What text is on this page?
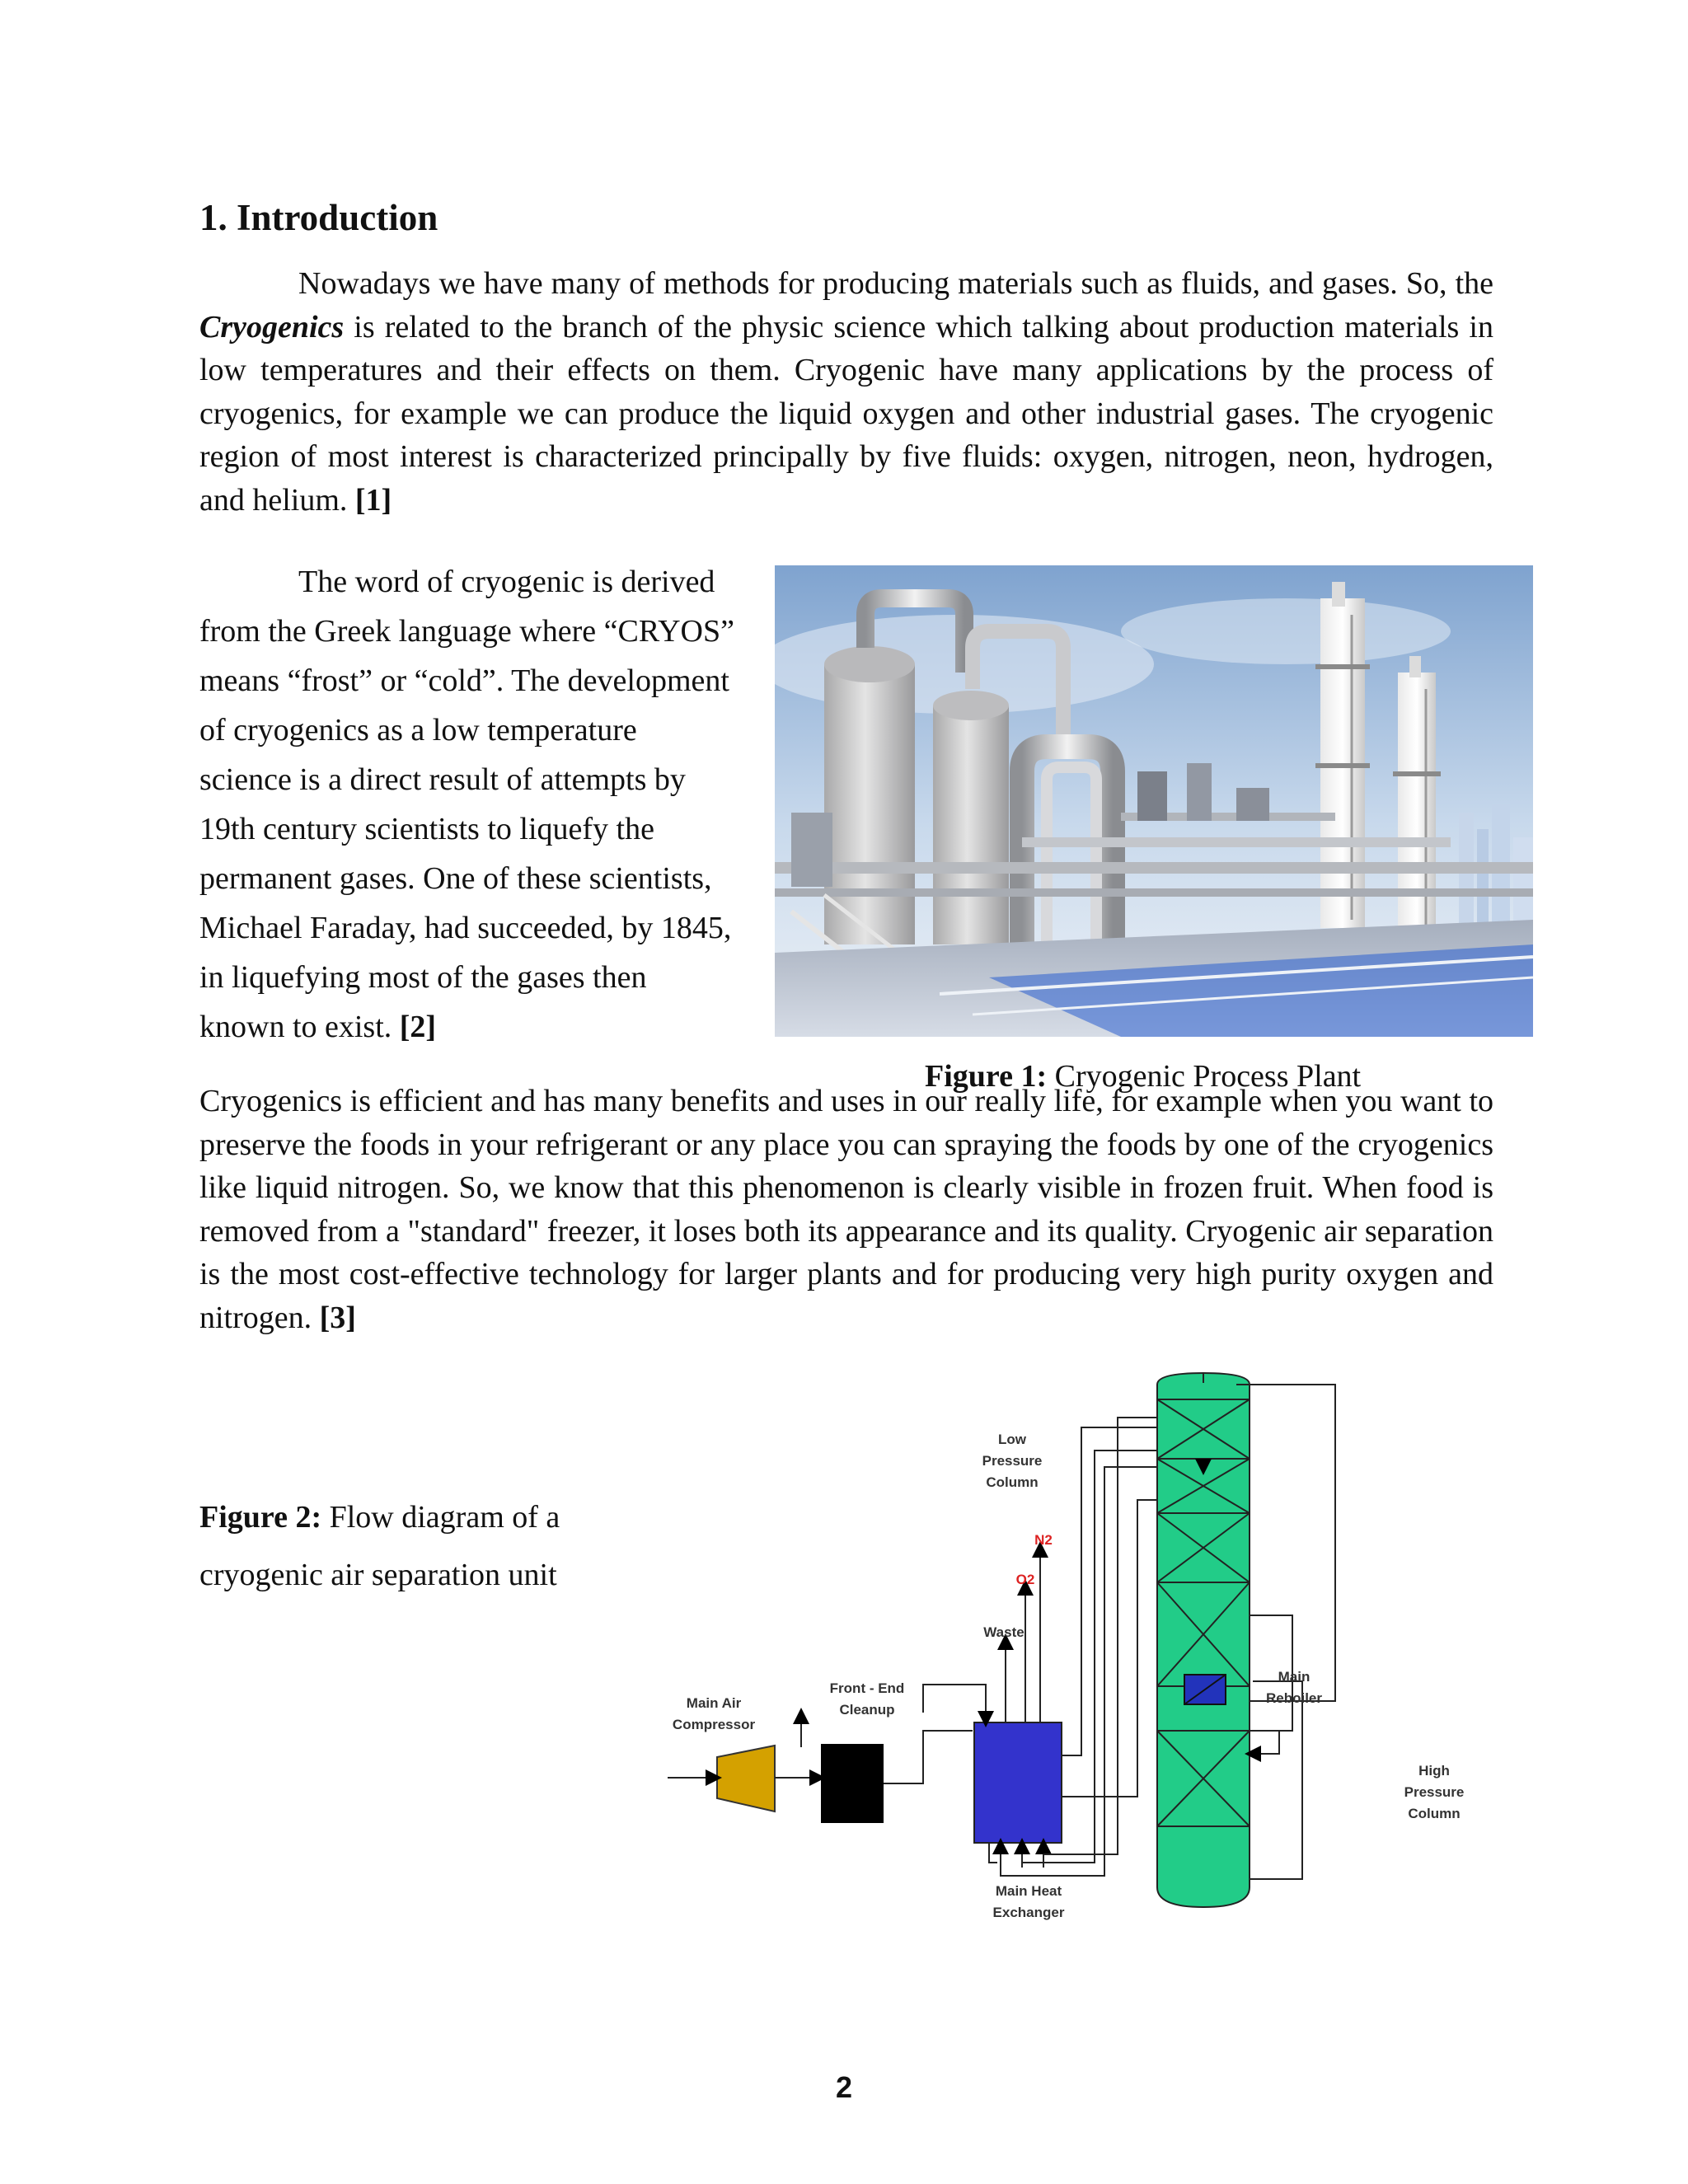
1. Introduction

Nowadays we have many of methods for producing materials such as fluids, and gases. So, the Cryogenics is related to the branch of the physic science which talking about production materials in low temperatures and their effects on them. Cryogenic have many applications by the process of cryogenics, for example we can produce the liquid oxygen and other industrial gases. The cryogenic region of most interest is characterized principally by five fluids: oxygen, nitrogen, neon, hydrogen, and helium. [1]

The word of cryogenic is derived from the Greek language where “CRYOS” means “frost” or “cold”. The development of cryogenics as a low temperature science is a direct result of attempts by 19th century scientists to liquefy the permanent gases. One of these scientists, Michael Faraday, had succeeded, by 1845, in liquefying most of the gases then known to exist. [2]

Figure 1: Cryogenic Process Plant

Cryogenics is efficient and has many benefits and uses in our really life, for example when you want to preserve the foods in your refrigerant or any place you can spraying the foods by one of the cryogenics like liquid nitrogen. So, we know that this phenomenon is clearly visible in frozen fruit. When food is removed from a "standard" freezer, it loses both its appearance and its quality. Cryogenic air separation is the most cost-effective technology for larger plants and for producing very high purity oxygen and nitrogen. [3]

Figure 2: Flow diagram of a cryogenic air separation unit
Low
Pressure
Column
N2
O2
Waste
Front - End
Cleanup
Main Air
Compressor
Main
Reboiler
High
Pressure
Column
Main Heat
Exchanger
2
